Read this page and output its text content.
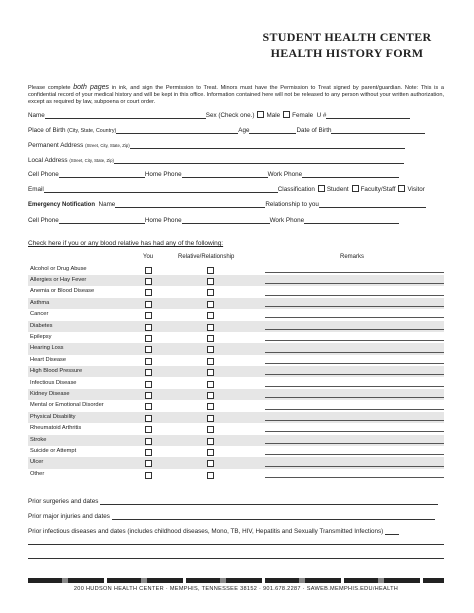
STUDENT HEALTH CENTER
HEALTH HISTORY FORM
Please complete both pages in ink, and sign the Permission to Treat. Minors must have the Permission to Treat signed by parent/guardian. Note: This is a confidential record of your medical history and will be kept in this office. Information contained here will not be released to any person without your written authorization, except as required by law, subpoena or court order.
Name	Sex (Check one.) Male Female U #
Place of Birth (City, State, Country)	Age	Date of Birth
Permanent Address (Street, City, State, Zip)
Local Address (Street, City, State, Zip)
Cell Phone	Home Phone	Work Phone
Email	Classification Student Faculty/Staff Visitor
Emergency Notification Name	Relationship to you
Cell Phone	Home Phone	Work Phone
Check here if you or any blood relative has had any of the following:
You	Relative/Relationship	Remarks
Alcohol or Drug Abuse
Allergies or Hay Fever
Anemia or Blood Disease
Asthma
Cancer
Diabetes
Epilepsy
Hearing Loss
Heart Disease
High Blood Pressure
Infectious Disease
Kidney Disease
Mental or Emotional Disorder
Physical Disability
Rheumatoid Arthritis
Stroke
Suicide or Attempt
Ulcer
Other
Prior surgeries and dates
Prior major injuries and dates
Prior infectious diseases and dates (includes childhood diseases, Mono, TB, HIV, Hepatitis and Sexually Transmitted Infections)
200 HUDSON HEALTH CENTER · MEMPHIS, TENNESSEE 38152 · 901.678.2287 · SAWEB.MEMPHIS.EDU/HEALTH
